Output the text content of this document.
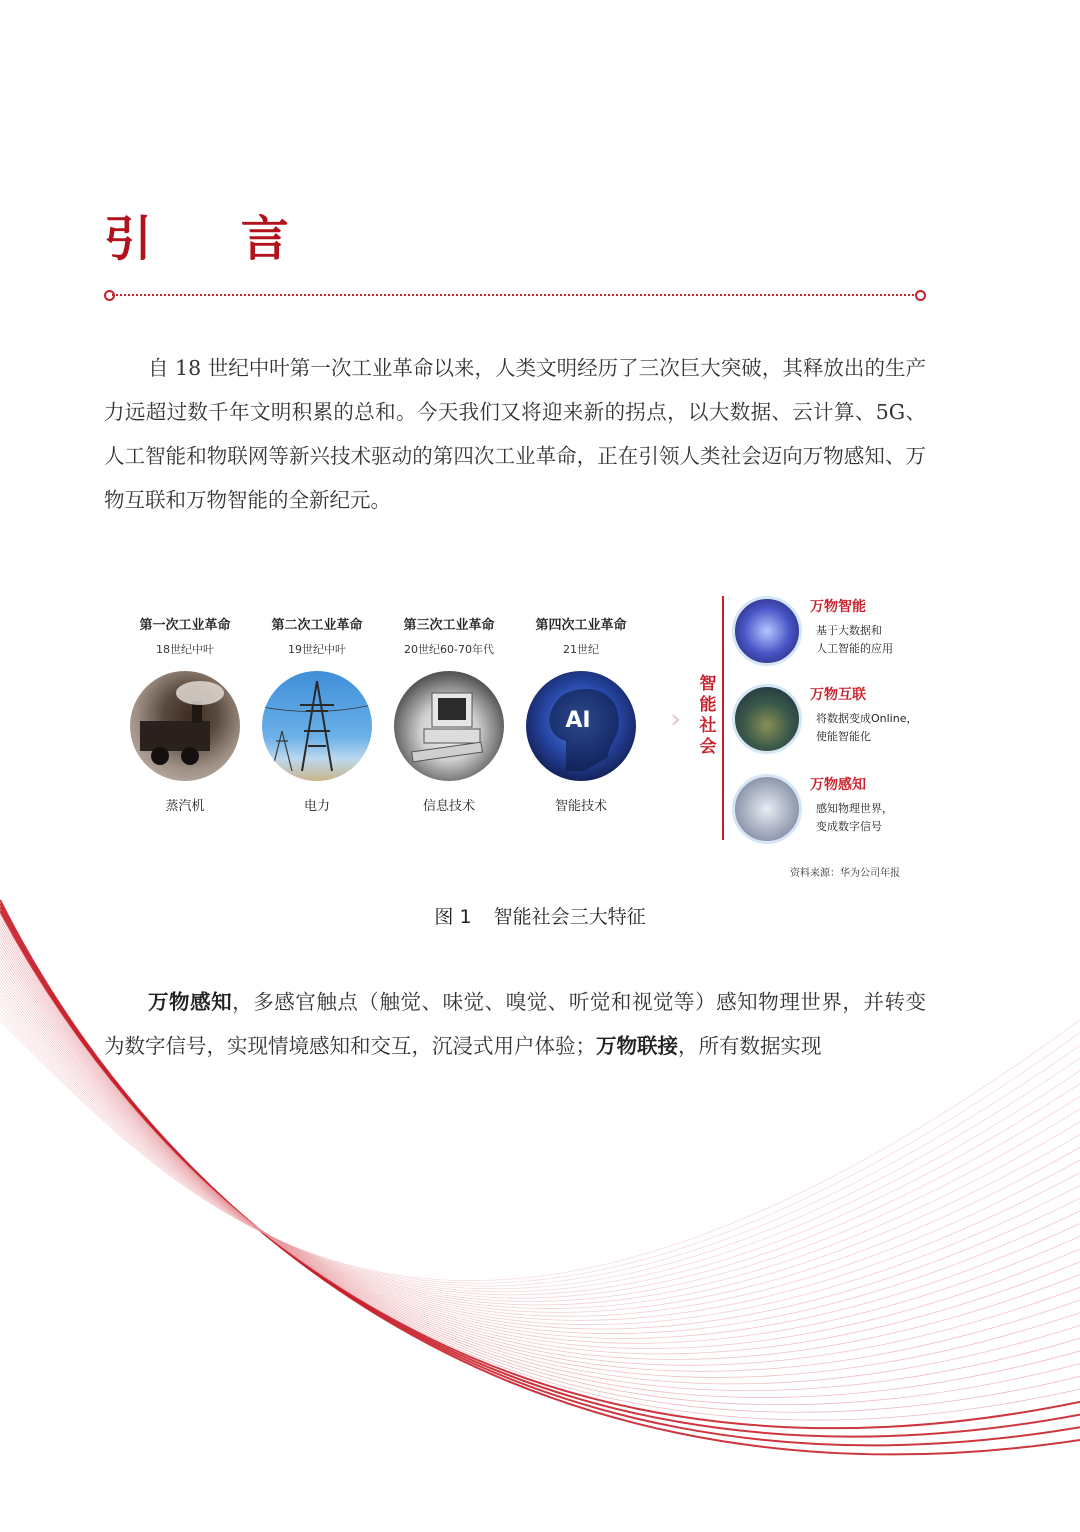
引 言

自 18 世纪中叶第一次工业革命以来，人类文明经历了三次巨大突破，其释放出的生产力远超过数千年文明积累的总和。今天我们又将迎来新的拐点，以大数据、云计算、5G、人工智能和物联网等新兴技术驱动的第四次工业革命，正在引领人类社会迈向万物感知、万物互联和万物智能的全新纪元。

第一次工业革命
18世纪中叶
蒸汽机
第二次工业革命
19世纪中叶
电力
第三次工业革命
20世纪60-70年代
信息技术
第四次工业革命
21世纪
AI
智能技术
›
智
能
社
会
万物智能
基于大数据和
人工智能的应用
万物互联
将数据变成Online，
使能智能化
万物感知
感知物理世界，
变成数字信号
资料来源：华为公司年报
图 1 智能社会三大特征

万物感知，多感官触点（触觉、味觉、嗅觉、听觉和视觉等）感知物理世界，并转变为数字信号，实现情境感知和交互，沉浸式用户体验；万物联接，所有数据实现
